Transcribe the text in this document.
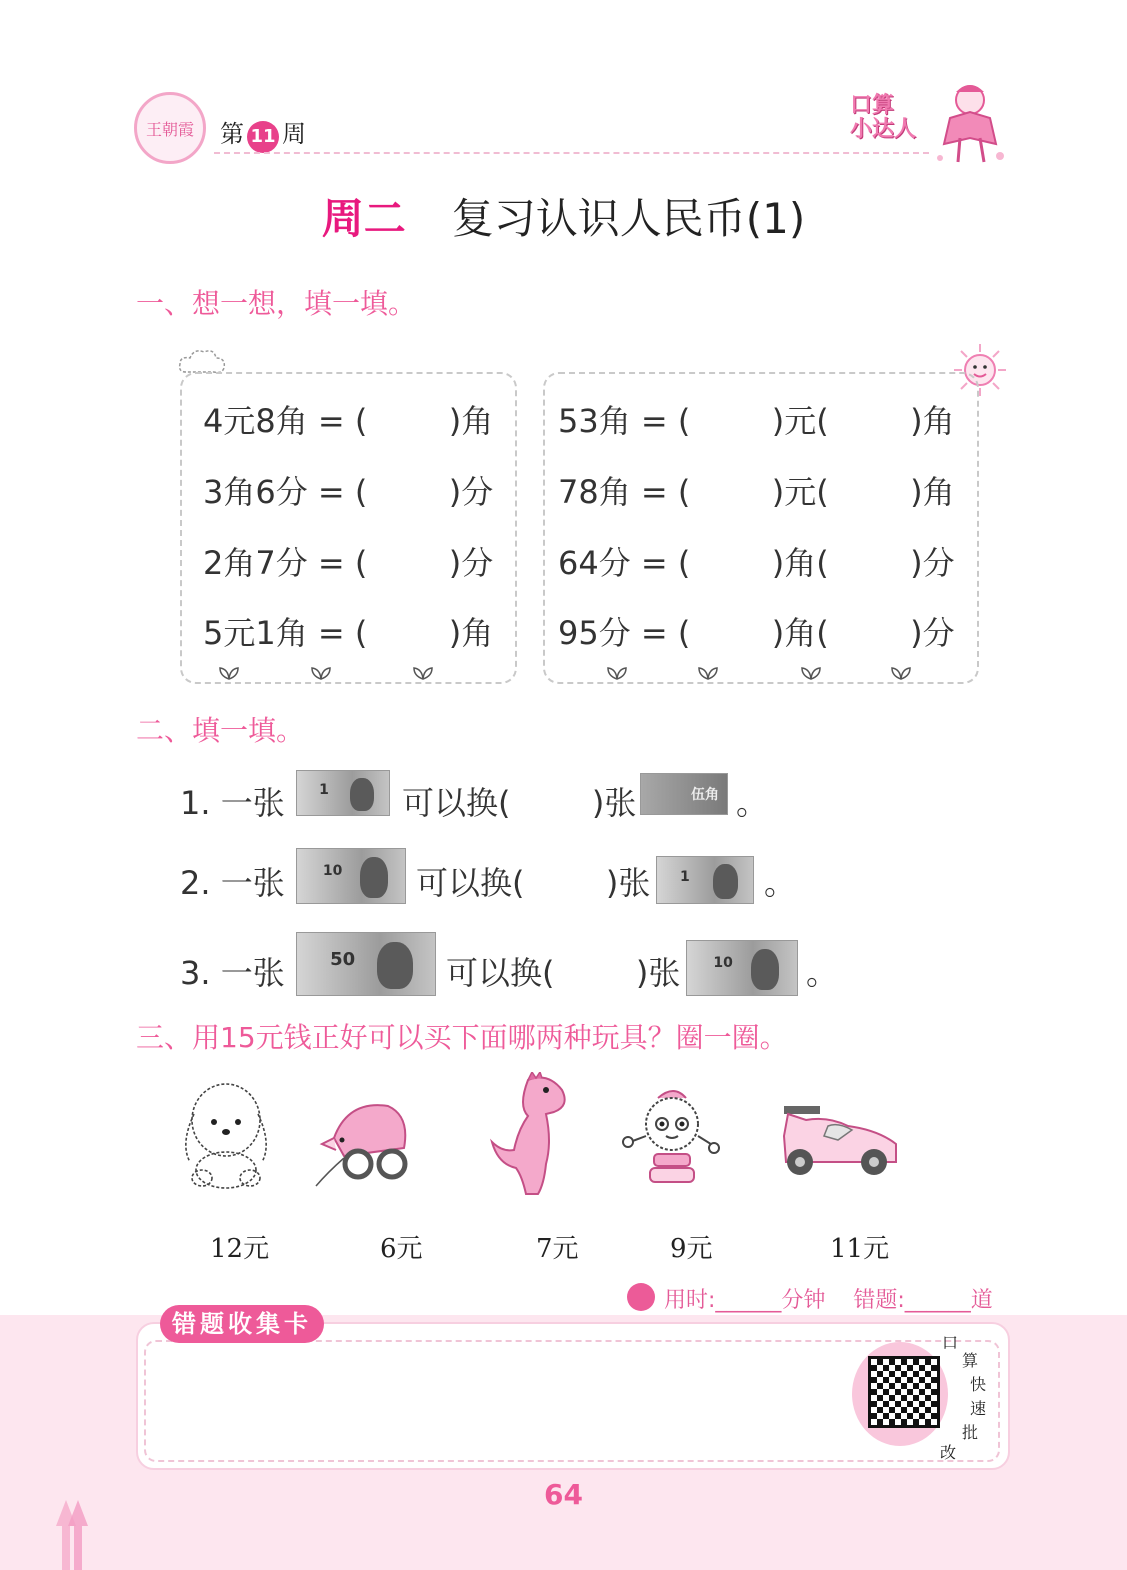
王朝霞	第 11 周
口算
小达人
周二 复习认识人民币(1)
一、想一想，填一填。
4元8角 = (        )角
3角6分 = (        )分
2角7分 = (        )分
5元1角 = (        )角
53角 = (        )元(        )角
78角 = (        )元(        )角
64分 = (        )角(        )分
95分 = (        )角(        )分
二、填一填。
1. 一张 1 可以换(        )张	伍角 。
2. 一张	10 可以换(        )张 1 。
3. 一张	50	可以换(        )张 10 。
三、用15元钱正好可以买下面哪两种玩具？圈一圈。
12元	6元	7元	9元	11元
用时:______分钟    错题:______道
错题收集卡
口
算
快
速
批
改
64
